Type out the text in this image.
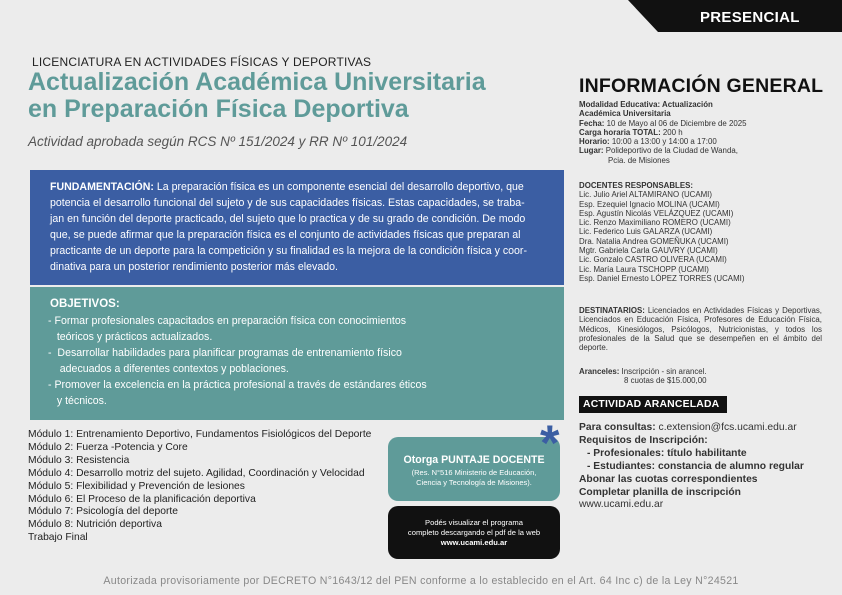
PRESENCIAL
LICENCIATURA EN ACTIVIDADES FÍSICAS Y DEPORTIVAS
Actualización Académica Universitaria
en Preparación Física Deportiva
Actividad aprobada según RCS Nº 151/2024 y RR Nº 101/2024
FUNDAMENTACIÓN: La preparación física es un componente esencial del desarrollo deportivo, que
potencia el desarrollo funcional del sujeto y de sus capacidades físicas. Estas capacidades, se traba-
jan en función del deporte practicado, del sujeto que lo practica y de su grado de condición. De modo
que, se puede afirmar que la preparación física es el conjunto de actividades físicas que preparan al
practicante de un deporte para la competición y su finalidad es la mejora de la condición física y coor-
dinativa para un posterior rendimiento posterior más elevado.
OBJETIVOS:
- Formar profesionales capacitados en preparación física con conocimientos
teóricos y prácticos actualizados.
-  Desarrollar habilidades para planificar programas de entrenamiento físico
adecuados a diferentes contextos y poblaciones.
- Promover la excelencia en la práctica profesional a través de estándares éticos
y técnicos.
Módulo 1: Entrenamiento Deportivo, Fundamentos Fisiológicos del Deporte
Módulo 2: Fuerza -Potencia y Core
Módulo 3: Resistencia
Módulo 4: Desarrollo motriz del sujeto. Agilidad, Coordinación y Velocidad
Módulo 5: Flexibilidad y Prevención de lesiones
Módulo 6: El Proceso de la planificación deportiva
Módulo 7: Psicología del deporte
Módulo 8: Nutrición deportiva
Trabajo Final
Otorga PUNTAJE DOCENTE
(Res. N°516 Ministerio de Educación,
Ciencia y Tecnología de Misiones).
*
Podés visualizar el programa
completo descargando el pdf de la web
www.ucami.edu.ar
INFORMACIÓN GENERAL
Modalidad Educativa: Actualización
Académica Universitaria
Fecha: 10 de Mayo al 06 de Diciembre de 2025
Carga horaria TOTAL: 200 h
Horario: 10:00 a 13:00 y 14:00 a 17:00
Lugar: Polideportivo de la Ciudad de Wanda,
Pcia. de Misiones
DOCENTES RESPONSABLES:
Lic. Julio Ariel ALTAMIRANO (UCAMI)
Esp. Ezequiel Ignacio MOLINA (UCAMI)
Esp. Agustín Nicolás VELÁZQUEZ (UCAMI)
Lic. Renzo Maximiliano ROMERO (UCAMI)
Lic. Federico Luis GALARZA (UCAMI)
Dra. Natalia Andrea GOMEÑUKA (UCAMI)
Mgtr. Gabriela Carla GAUVRY (UCAMI)
Lic. Gonzalo CASTRO OLIVERA (UCAMI)
Lic. María Laura TSCHOPP (UCAMI)
Esp. Daniel Ernesto LÓPEZ TORRES (UCAMI)
DESTINATARIOS: Licenciados en Actividades Físicas y Deportivas, Licenciados en Educación Física, Profesores de Educación Física, Médicos, Kinesiólogos, Psicólogos, Nutricionistas, y todos los profesionales de la Salud que se desempeñen en el ámbito del deporte.
Aranceles: Inscripción - sin arancel.
8 cuotas de $15.000,00
ACTIVIDAD ARANCELADA
Para consultas: c.extension@fcs.ucami.edu.ar
Requisitos de Inscripción:
- Profesionales: título habilitante
- Estudiantes: constancia de alumno regular
Abonar las cuotas correspondientes
Completar planilla de inscripción
www.ucami.edu.ar
Autorizada provisoriamente por DECRETO N°1643/12 del PEN conforme a lo establecido en el Art. 64 Inc c) de la Ley N°24521
